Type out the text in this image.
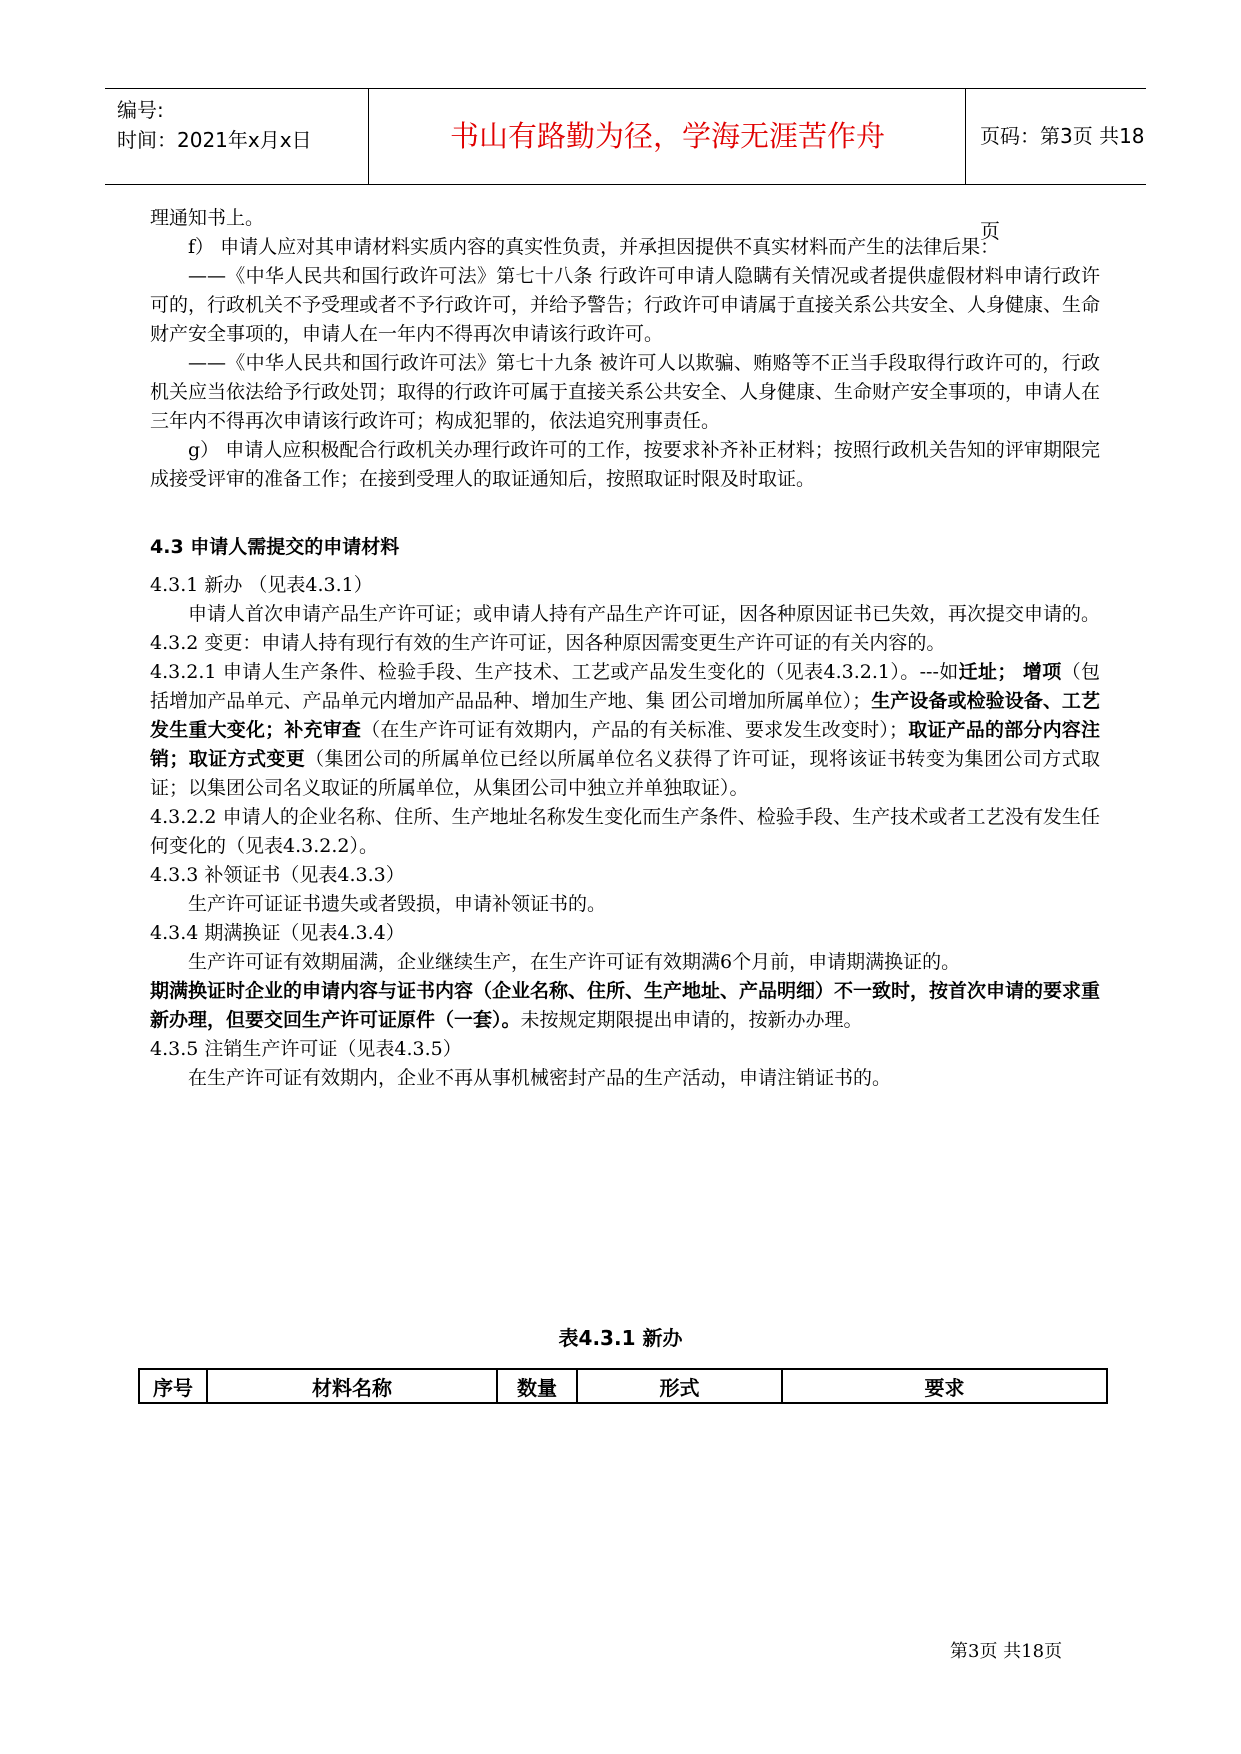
编号:
时间：2021年x月x日	书山有路勤为径，学海无涯苦作舟	页码：第3页 共18页

理通知书上。

f） 申请人应对其申请材料实质内容的真实性负责，并承担因提供不真实材料而产生的法律后果：

——《中华人民共和国行政许可法》第七十八条 行政许可申请人隐瞒有关情况或者提供虚假材料申请行政许可的，行政机关不予受理或者不予行政许可，并给予警告；行政许可申请属于直接关系公共安全、人身健康、生命财产安全事项的，申请人在一年内不得再次申请该行政许可。

——《中华人民共和国行政许可法》第七十九条 被许可人以欺骗、贿赂等不正当手段取得行政许可的，行政机关应当依法给予行政处罚；取得的行政许可属于直接关系公共安全、人身健康、生命财产安全事项的，申请人在三年内不得再次申请该行政许可；构成犯罪的，依法追究刑事责任。

g） 申请人应积极配合行政机关办理行政许可的工作，按要求补齐补正材料；按照行政机关告知的评审期限完成接受评审的准备工作；在接到受理人的取证通知后，按照取证时限及时取证。

4.3 申请人需提交的申请材料

4.3.1 新办 （见表4.3.1）

申请人首次申请产品生产许可证；或申请人持有产品生产许可证，因各种原因证书已失效，再次提交申请的。

4.3.2 变更：申请人持有现行有效的生产许可证，因各种原因需变更生产许可证的有关内容的。

4.3.2.1 申请人生产条件、检验手段、生产技术、工艺或产品发生变化的（见表4.3.2.1）。---如迁址； 增项（包括增加产品单元、产品单元内增加产品品种、增加生产地、集 团公司增加所属单位）；生产设备或检验设备、工艺发生重大变化；补充审查（在生产许可证有效期内，产品的有关标准、要求发生改变时）；取证产品的部分内容注销；取证方式变更（集团公司的所属单位已经以所属单位名义获得了许可证，现将该证书转变为集团公司方式取证；以集团公司名义取证的所属单位，从集团公司中独立并单独取证）。

4.3.2.2 申请人的企业名称、住所、生产地址名称发生变化而生产条件、检验手段、生产技术或者工艺没有发生任何变化的（见表4.3.2.2）。

4.3.3 补领证书（见表4.3.3）

生产许可证证书遗失或者毁损，申请补领证书的。

4.3.4 期满换证（见表4.3.4）

生产许可证有效期届满，企业继续生产，在生产许可证有效期满6个月前，申请期满换证的。

期满换证时企业的申请内容与证书内容（企业名称、住所、生产地址、产品明细）不一致时，按首次申请的要求重新办理，但要交回生产许可证原件（一套）。未按规定期限提出申请的，按新办办理。

4.3.5 注销生产许可证（见表4.3.5）

在生产许可证有效期内，企业不再从事机械密封产品的生产活动，申请注销证书的。

表4.3.1 新办
序号	材料名称	数量	形式	要求
第3页 共18页
